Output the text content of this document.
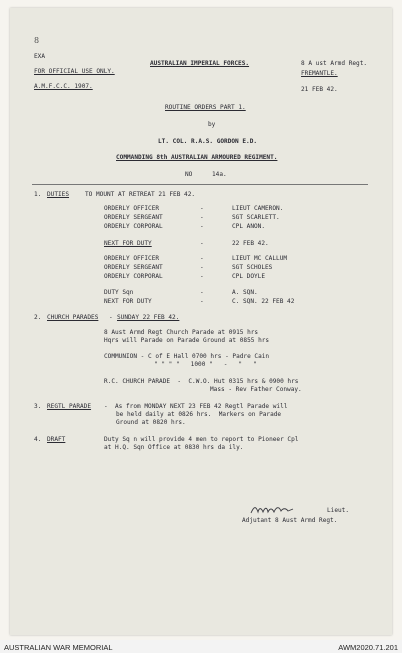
8
EXA
FOR OFFICIAL USE ONLY.
A.M.F.C.C. 1907.
AUSTRALIAN IMPERIAL FORCES.	8 A ust Armd Regt.
FREMANTLE.
21 FEB 42.
ROUTINE ORDERS PART 1.
by
LT. COL. R.A.S. GORDON E.D.
COMMANDING 8th AUSTRALIAN ARMOURED REGIMENT.
NO	14a.
1. DUTIES	TO MOUNT AT RETREAT 21 FEB 42.
ORDERLY OFFICER	-	LIEUT CAMERON.
ORDERLY SERGEANT	-	SGT SCARLETT.
ORDERLY CORPORAL	-	CPL ANON.
NEXT FOR DUTY	-	22 FEB 42.
ORDERLY OFFICER	-	LIEUT MC CALLUM
ORDERLY SERGEANT	-	SGT SCHOLES
ORDERLY CORPORAL	-	CPL DOYLE
DUTY Sqn	-	A. SQN.
NEXT FOR DUTY	-	C. SQN. 22 FEB 42
2. CHURCH PARADES - SUNDAY 22 FEB 42.
8 Aust Armd Regt Church Parade at 0915 hrs
Hqrs will Parade on Parade Ground at 0855 hrs
COMMUNION - C of E Hall 0700 hrs - Padre Cain
" " " "   1000 "   -   "   "
R.C. CHURCH PARADE  -  C.W.O. Hut 0315 hrs & 0900 hrs
Mass - Rev Father Conway.
3. REGTL PARADE -  As from MONDAY NEXT 23 FEB 42 Regtl Parade will
be held daily at 0826 hrs.  Markers on Parade
Ground at 0820 hrs.
4. DRAFT	Duty Sq n will provide 4 men to report to Pioneer Cpl
at H.Q. Sqn Office at 0830 hrs da ily.
Lieut.
Adjutant 8 Aust Armd Regt.
AUSTRALIAN WAR MEMORIAL	AWM2020.71.201
